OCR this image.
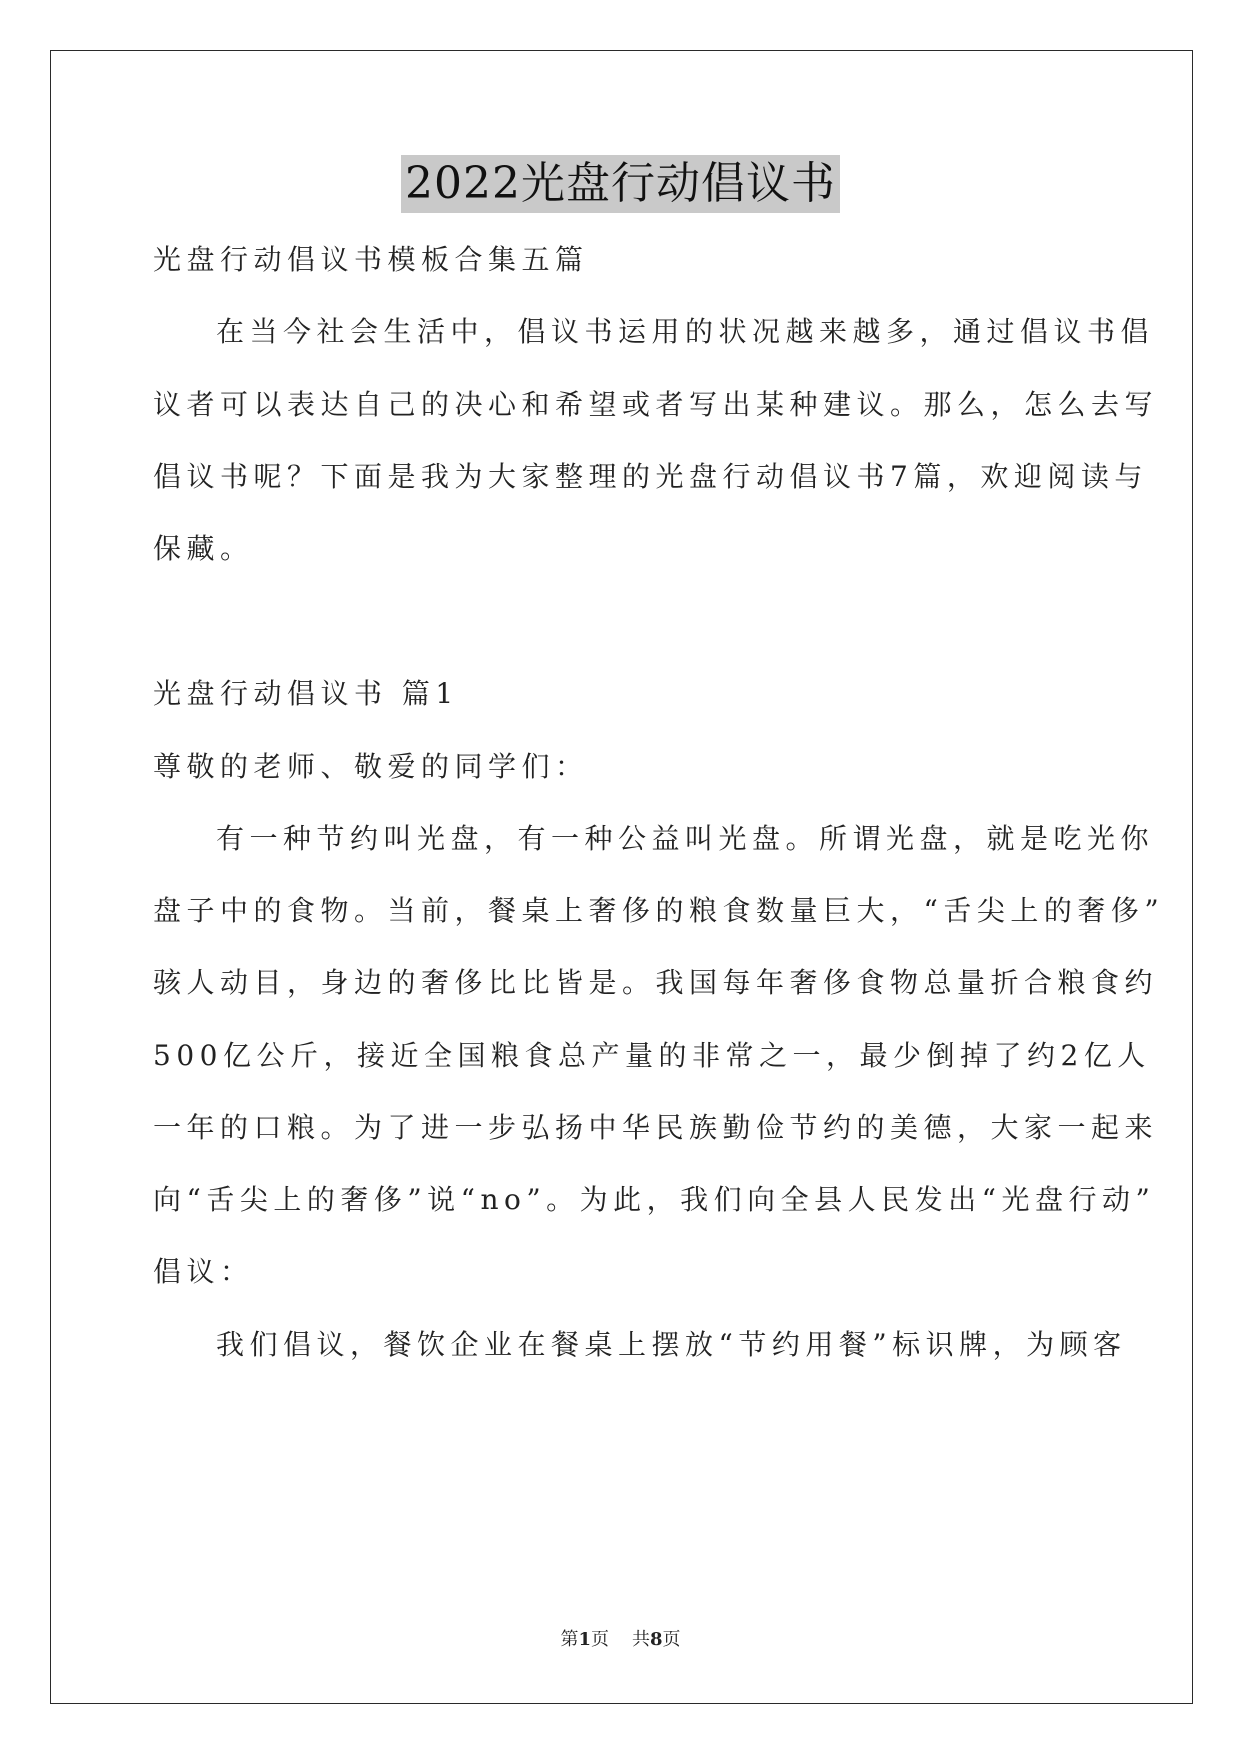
2022光盘行动倡议书
光盘行动倡议书模板合集五篇
在当今社会生活中，倡议书运用的状况越来越多，通过倡议书倡
议者可以表达自己的决心和希望或者写出某种建议。那么，怎么去写
倡议书呢？下面是我为大家整理的光盘行动倡议书7篇，欢迎阅读与
保藏。
光盘行动倡议书 篇1
尊敬的老师、敬爱的同学们：
有一种节约叫光盘，有一种公益叫光盘。所谓光盘，就是吃光你
盘子中的食物。当前，餐桌上奢侈的粮食数量巨大，“舌尖上的奢侈”
骇人动目，身边的奢侈比比皆是。我国每年奢侈食物总量折合粮食约
500亿公斤，接近全国粮食总产量的非常之一，最少倒掉了约2亿人
一年的口粮。为了进一步弘扬中华民族勤俭节约的美德，大家一起来
向“舌尖上的奢侈”说“no”。为此，我们向全县人民发出“光盘行动”
倡议：
我们倡议，餐饮企业在餐桌上摆放“节约用餐”标识牌，为顾客
第1页 共8页
